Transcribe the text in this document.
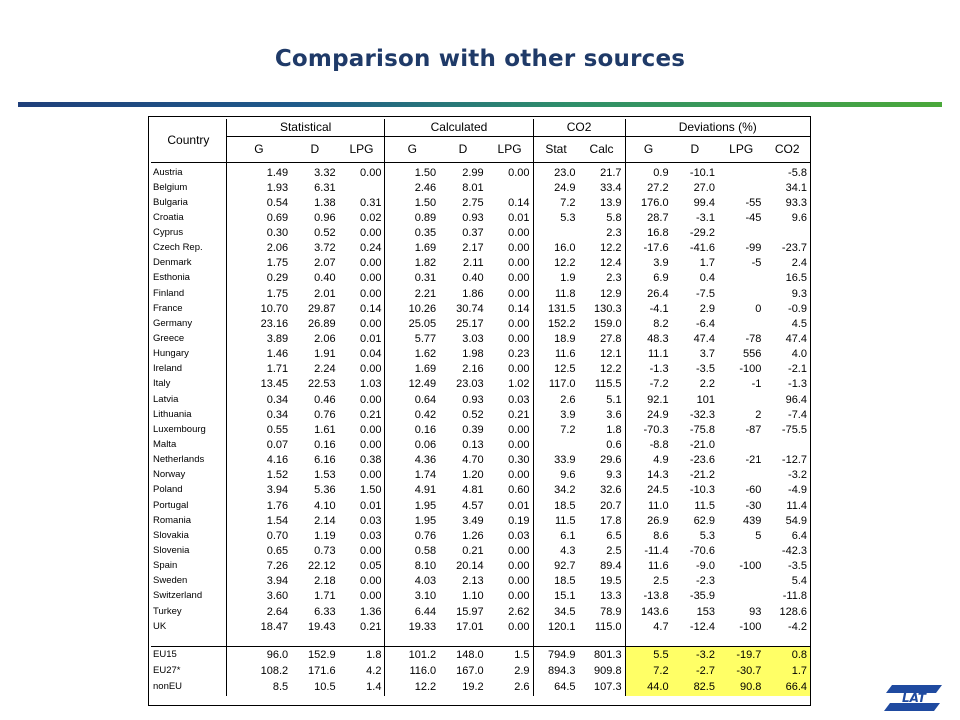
Comparison with other sources
Country	Statistical			Calculated			CO2		Deviations (%)			
	G	D	LPG	G	D	LPG	Stat	Calc	G	D	LPG	CO2
Austria	1.49	3.32	0.00	1.50	2.99	0.00	23.0	21.7	0.9	-10.1		-5.8
Belgium	1.93	6.31		2.46	8.01		24.9	33.4	27.2	27.0		34.1
Bulgaria	0.54	1.38	0.31	1.50	2.75	0.14	7.2	13.9	176.0	99.4	-55	93.3
Croatia	0.69	0.96	0.02	0.89	0.93	0.01	5.3	5.8	28.7	-3.1	-45	9.6
Cyprus	0.30	0.52	0.00	0.35	0.37	0.00		2.3	16.8	-29.2		
Czech Rep.	2.06	3.72	0.24	1.69	2.17	0.00	16.0	12.2	-17.6	-41.6	-99	-23.7
Denmark	1.75	2.07	0.00	1.82	2.11	0.00	12.2	12.4	3.9	1.7	-5	2.4
Esthonia	0.29	0.40	0.00	0.31	0.40	0.00	1.9	2.3	6.9	0.4		16.5
Finland	1.75	2.01	0.00	2.21	1.86	0.00	11.8	12.9	26.4	-7.5		9.3
France	10.70	29.87	0.14	10.26	30.74	0.14	131.5	130.3	-4.1	2.9	0	-0.9
Germany	23.16	26.89	0.00	25.05	25.17	0.00	152.2	159.0	8.2	-6.4		4.5
Greece	3.89	2.06	0.01	5.77	3.03	0.00	18.9	27.8	48.3	47.4	-78	47.4
Hungary	1.46	1.91	0.04	1.62	1.98	0.23	11.6	12.1	11.1	3.7	556	4.0
Ireland	1.71	2.24	0.00	1.69	2.16	0.00	12.5	12.2	-1.3	-3.5	-100	-2.1
Italy	13.45	22.53	1.03	12.49	23.03	1.02	117.0	115.5	-7.2	2.2	-1	-1.3
Latvia	0.34	0.46	0.00	0.64	0.93	0.03	2.6	5.1	92.1	101		96.4
Lithuania	0.34	0.76	0.21	0.42	0.52	0.21	3.9	3.6	24.9	-32.3	2	-7.4
Luxembourg	0.55	1.61	0.00	0.16	0.39	0.00	7.2	1.8	-70.3	-75.8	-87	-75.5
Malta	0.07	0.16	0.00	0.06	0.13	0.00		0.6	-8.8	-21.0		
Netherlands	4.16	6.16	0.38	4.36	4.70	0.30	33.9	29.6	4.9	-23.6	-21	-12.7
Norway	1.52	1.53	0.00	1.74	1.20	0.00	9.6	9.3	14.3	-21.2		-3.2
Poland	3.94	5.36	1.50	4.91	4.81	0.60	34.2	32.6	24.5	-10.3	-60	-4.9
Portugal	1.76	4.10	0.01	1.95	4.57	0.01	18.5	20.7	11.0	11.5	-30	11.4
Romania	1.54	2.14	0.03	1.95	3.49	0.19	11.5	17.8	26.9	62.9	439	54.9
Slovakia	0.70	1.19	0.03	0.76	1.26	0.03	6.1	6.5	8.6	5.3	5	6.4
Slovenia	0.65	0.73	0.00	0.58	0.21	0.00	4.3	2.5	-11.4	-70.6		-42.3
Spain	7.26	22.12	0.05	8.10	20.14	0.00	92.7	89.4	11.6	-9.0	-100	-3.5
Sweden	3.94	2.18	0.00	4.03	2.13	0.00	18.5	19.5	2.5	-2.3		5.4
Switzerland	3.60	1.71	0.00	3.10	1.10	0.00	15.1	13.3	-13.8	-35.9		-11.8
Turkey	2.64	6.33	1.36	6.44	15.97	2.62	34.5	78.9	143.6	153	93	128.6
UK	18.47	19.43	0.21	19.33	17.01	0.00	120.1	115.0	4.7	-12.4	-100	-4.2

EU15	96.0	152.9	1.8	101.2	148.0	1.5	794.9	801.3	5.5	-3.2	-19.7	0.8
EU27*	108.2	171.6	4.2	116.0	167.0	2.9	894.3	909.8	7.2	-2.7	-30.7	1.7
nonEU	8.5	10.5	1.4	12.2	19.2	2.6	64.5	107.3	44.0	82.5	90.8	66.4
LAT
